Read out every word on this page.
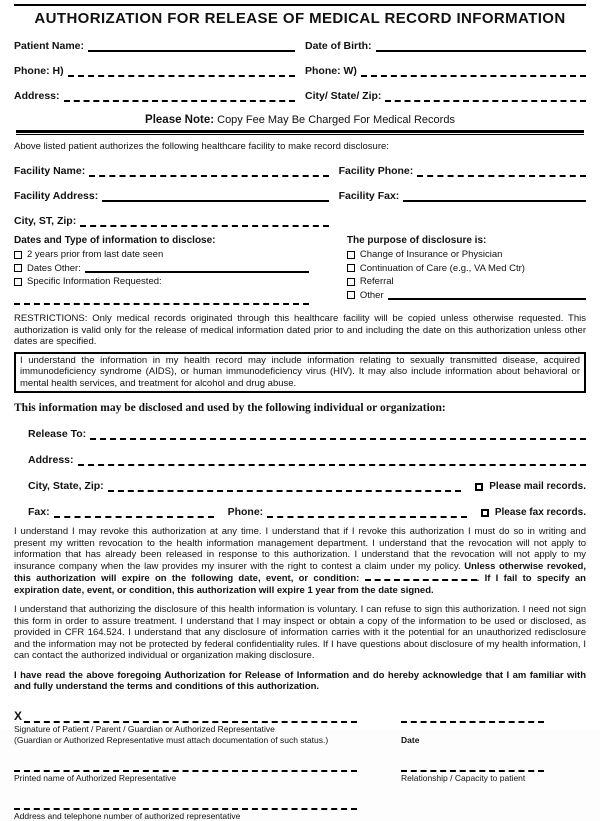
AUTHORIZATION FOR RELEASE OF MEDICAL RECORD INFORMATION
Patient Name:	Date of Birth:
Phone: H)	Phone: W)
Address:	City/ State/ Zip:
Please Note: Copy Fee May Be Charged For Medical Records
Above listed patient authorizes the following healthcare facility to make record disclosure:
Facility Name:	Facility Phone:
Facility Address:	Facility Fax:
City, ST, Zip:
Dates and Type of information to disclose:
2 years prior from last date seen
Dates Other:
Specific Information Requested:
The purpose of disclosure is:
Change of Insurance or Physician
Continuation of Care (e.g., VA Med Ctr)
Referral
Other
RESTRICTIONS: Only medical records originated through this healthcare facility will be copied unless otherwise requested. This authorization is valid only for the release of medical information dated prior to and including the date on this authorization unless other dates are specified.
I understand the information in my health record may include information relating to sexually transmitted disease, acquired immunodeficiency syndrome (AIDS), or human immunodeficiency virus (HIV). It may also include information about behavioral or mental health services, and treatment for alcohol and drug abuse.
This information may be disclosed and used by the following individual or organization:
Release To:
Address:
City, State, Zip:	Please mail records.
Fax:	Phone:	Please fax records.
I understand I may revoke this authorization at any time. I understand that if I revoke this authorization I must do so in writing and present my written revocation to the health information management department. I understand that the revocation will not apply to information that has already been released in response to this authorization. I understand that the revocation will not apply to my insurance company when the law provides my insurer with the right to contest a claim under my policy. Unless otherwise revoked, this authorization will expire on the following date, event, or condition:	. If I fail to specify an expiration date, event, or condition, this authorization will expire 1 year from the date signed.
I understand that authorizing the disclosure of this health information is voluntary. I can refuse to sign this authorization. I need not sign this form in order to assure treatment. I understand that I may inspect or obtain a copy of the information to be used or disclosed, as provided in CFR 164.524. I understand that any disclosure of information carries with it the potential for an unauthorized redisclosure and the information may not be protected by federal confidentiality rules. If I have questions about disclosure of my health information, I can contact the authorized individual or organization making disclosure.
I have read the above foregoing Authorization for Release of Information and do hereby acknowledge that I am familiar with and fully understand the terms and conditions of this authorization.
X
Signature of Patient / Parent / Guardian or Authorized Representative
(Guardian or Authorized Representative must attach documentation of such status.)	Date
Printed name of Authorized Representative	Relationship / Capacity to patient
Address and telephone number of authorized representative
